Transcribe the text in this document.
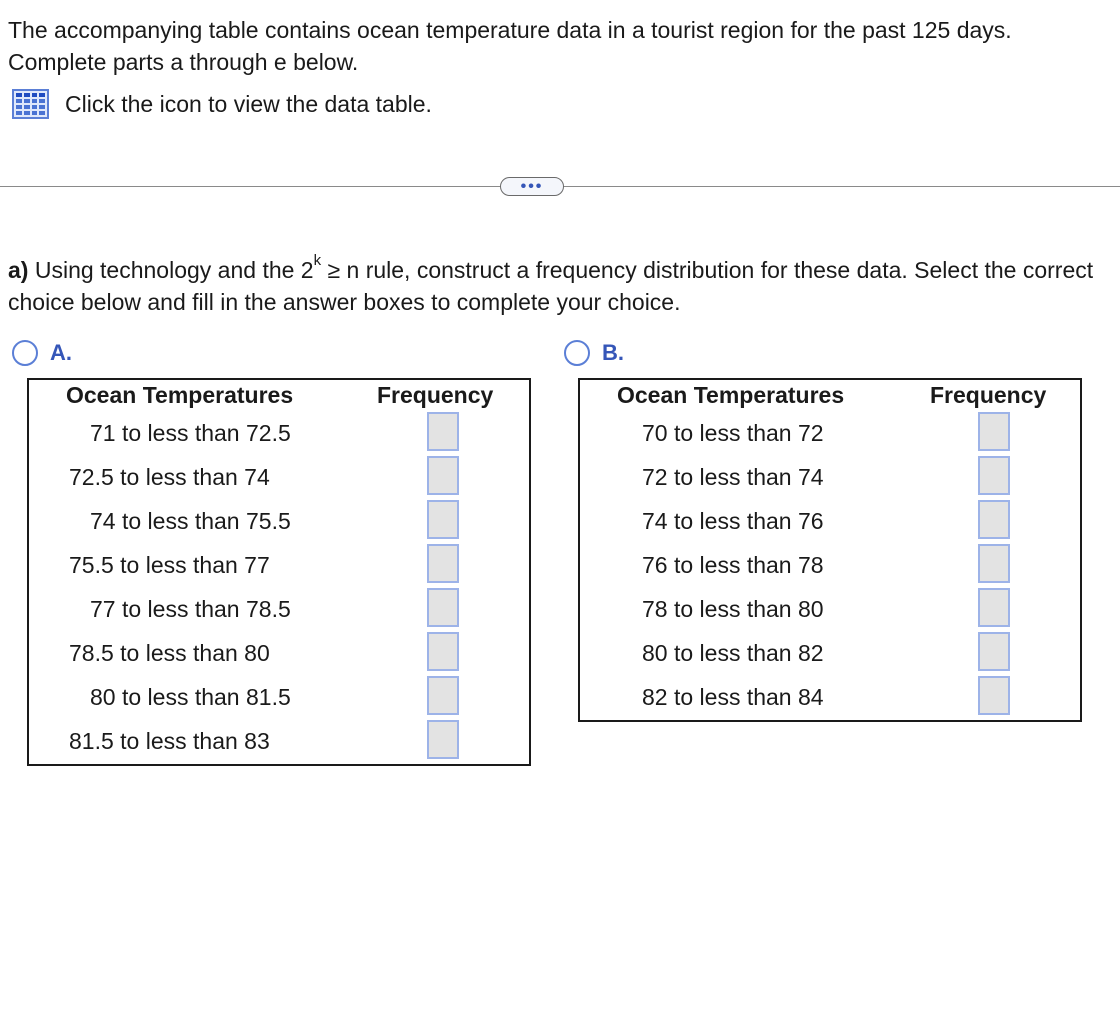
The accompanying table contains ocean temperature data in a tourist region for the past 125 days. Complete parts a through e below.

Click the icon to view the data table.
•••

a) Using technology and the $2^k \ge n$ rule, construct a frequency distribution for these data. Select the correct choice below and fill in the answer boxes to complete your choice.

A.
Ocean Temperatures	Frequency
71 to less than 72.5
72.5 to less than 74
74 to less than 75.5
75.5 to less than 77
77 to less than 78.5
78.5 to less than 80
80 to less than 81.5
81.5 to less than 83
B.
Ocean Temperatures	Frequency
70 to less than 72
72 to less than 74
74 to less than 76
76 to less than 78
78 to less than 80
80 to less than 82
82 to less than 84
